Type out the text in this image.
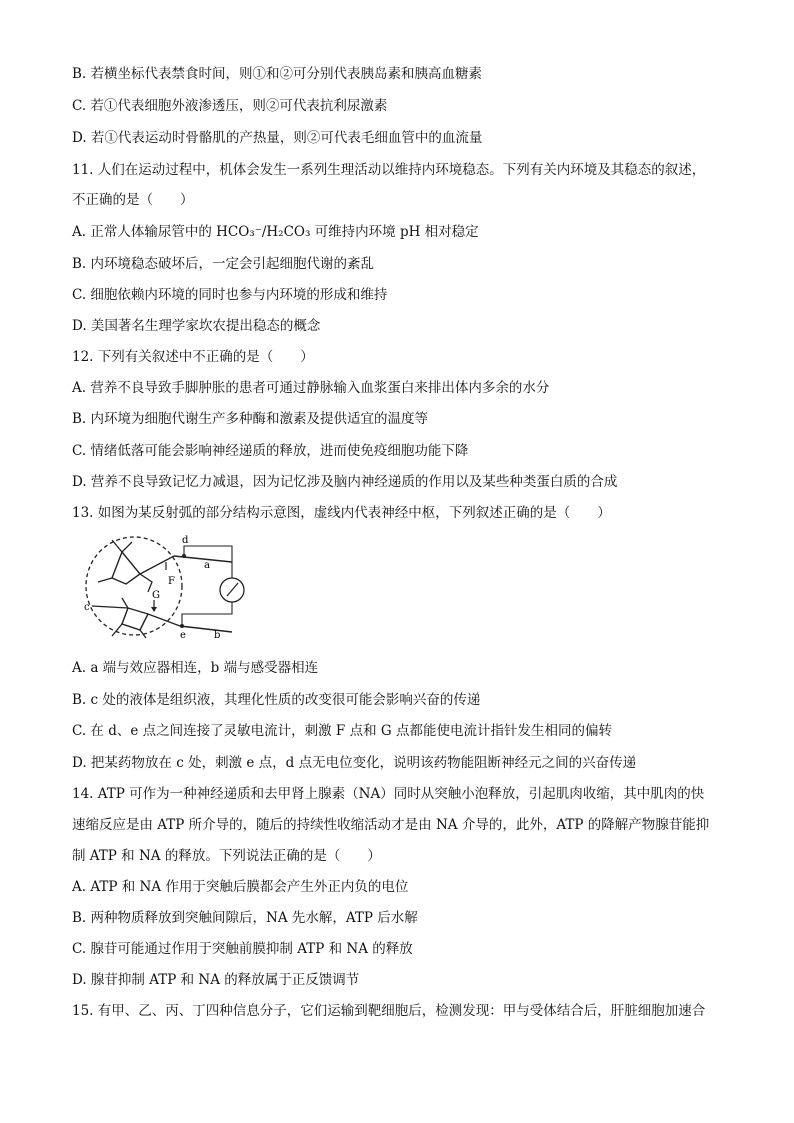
B. 若横坐标代表禁食时间，则①和②可分别代表胰岛素和胰高血糖素
C. 若①代表细胞外液渗透压，则②可代表抗利尿激素
D. 若①代表运动时骨骼肌的产热量，则②可代表毛细血管中的血流量
11. 人们在运动过程中，机体会发生一系列生理活动以维持内环境稳态。下列有关内环境及其稳态的叙述，
不正确的是（　　）
A. 正常人体输尿管中的 HCO₃⁻/H₂CO₃ 可维持内环境 pH 相对稳定
B. 内环境稳态破坏后，一定会引起细胞代谢的紊乱
C. 细胞依赖内环境的同时也参与内环境的形成和维持
D. 美国著名生理学家坎农提出稳态的概念
12. 下列有关叙述中不正确的是（　　）
A. 营养不良导致手脚肿胀的患者可通过静脉输入血浆蛋白来排出体内多余的水分
B. 内环境为细胞代谢生产多种酶和激素及提供适宜的温度等
C. 情绪低落可能会影响神经递质的释放，进而使免疫细胞功能下降
D. 营养不良导致记忆力减退，因为记忆涉及脑内神经递质的作用以及某些种类蛋白质的合成
13. 如图为某反射弧的部分结构示意图，虚线内代表神经中枢，下列叙述正确的是（　　）
d
a
F
G
c
e	b
A. a 端与效应器相连，b 端与感受器相连
B. c 处的液体是组织液，其理化性质的改变很可能会影响兴奋的传递
C. 在 d、e 点之间连接了灵敏电流计，刺激 F 点和 G 点都能使电流计指针发生相同的偏转
D. 把某药物放在 c 处，刺激 e 点，d 点无电位变化，说明该药物能阻断神经元之间的兴奋传递
14. ATP 可作为一种神经递质和去甲肾上腺素（NA）同时从突触小泡释放，引起肌肉收缩，其中肌肉的快
速缩反应是由 ATP 所介导的，随后的持续性收缩活动才是由 NA 介导的，此外，ATP 的降解产物腺苷能抑
制 ATP 和 NA 的释放。下列说法正确的是（　　）
A. ATP 和 NA 作用于突触后膜都会产生外正内负的电位
B. 两种物质释放到突触间隙后，NA 先水解，ATP 后水解
C. 腺苷可能通过作用于突触前膜抑制 ATP 和 NA 的释放
D. 腺苷抑制 ATP 和 NA 的释放属于正反馈调节
15. 有甲、乙、丙、丁四种信息分子，它们运输到靶细胞后，检测发现：甲与受体结合后，肝脏细胞加速合
